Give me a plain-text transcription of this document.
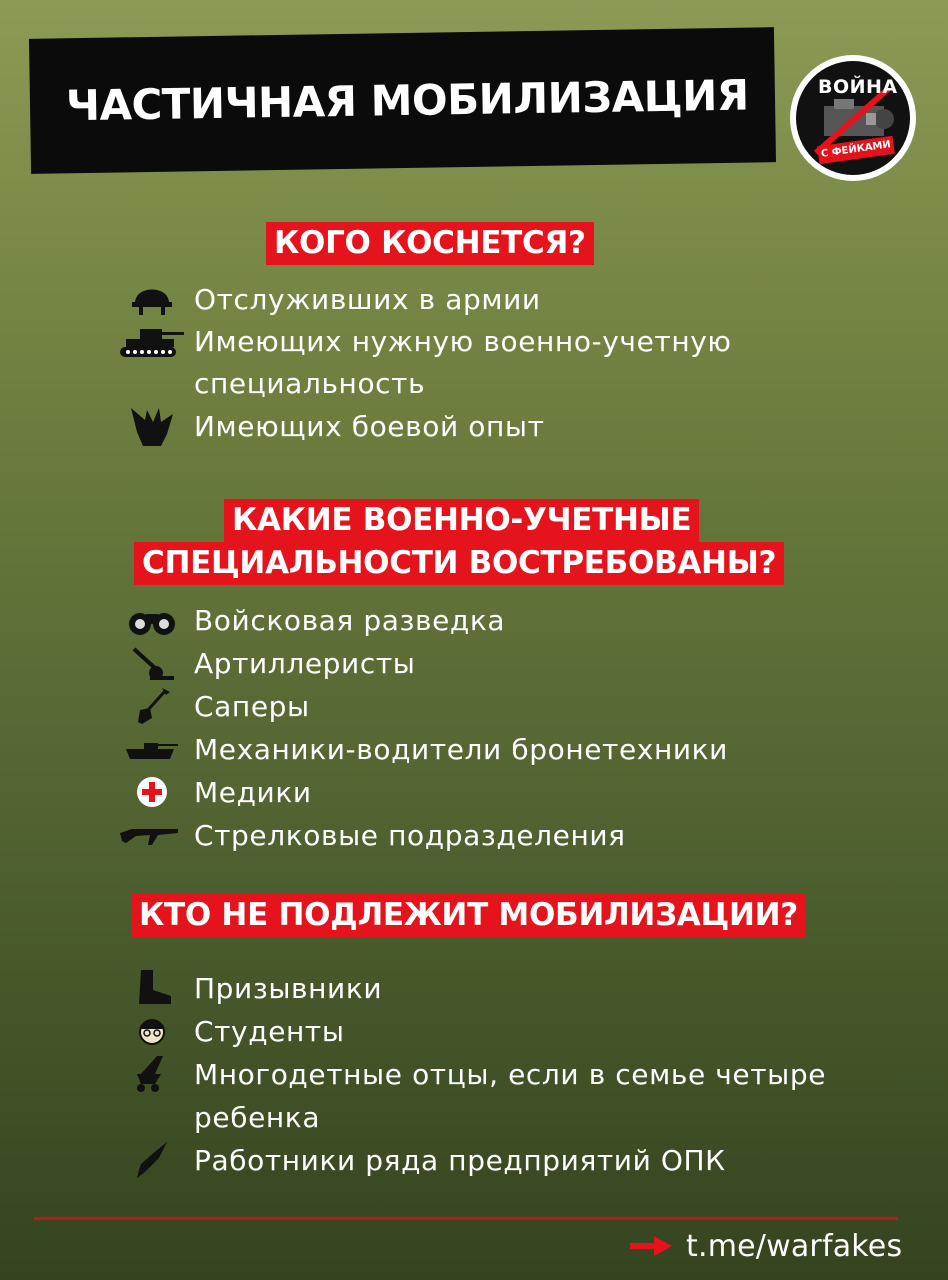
ЧАСТИЧНАЯ МОБИЛИЗАЦИЯ	ВОЙНА
С ФЕЙКАМИ
КОГО КОСНЕТСЯ?
Отслуживших в армии
Имеющих нужную военно-учетную
специальность
Имеющих боевой опыт
КАКИЕ ВОЕННО-УЧЕТНЫЕ
СПЕЦИАЛЬНОСТИ ВОСТРЕБОВАНЫ?
Войсковая разведка
Артиллеристы
Саперы
Механики-водители бронетехники
Медики
Стрелковые подразделения
КТО НЕ ПОДЛЕЖИТ МОБИЛИЗАЦИИ?
Призывники
Студенты
Многодетные отцы, если в семье четыре
ребенка
Работники ряда предприятий ОПК
t.me/warfakes
